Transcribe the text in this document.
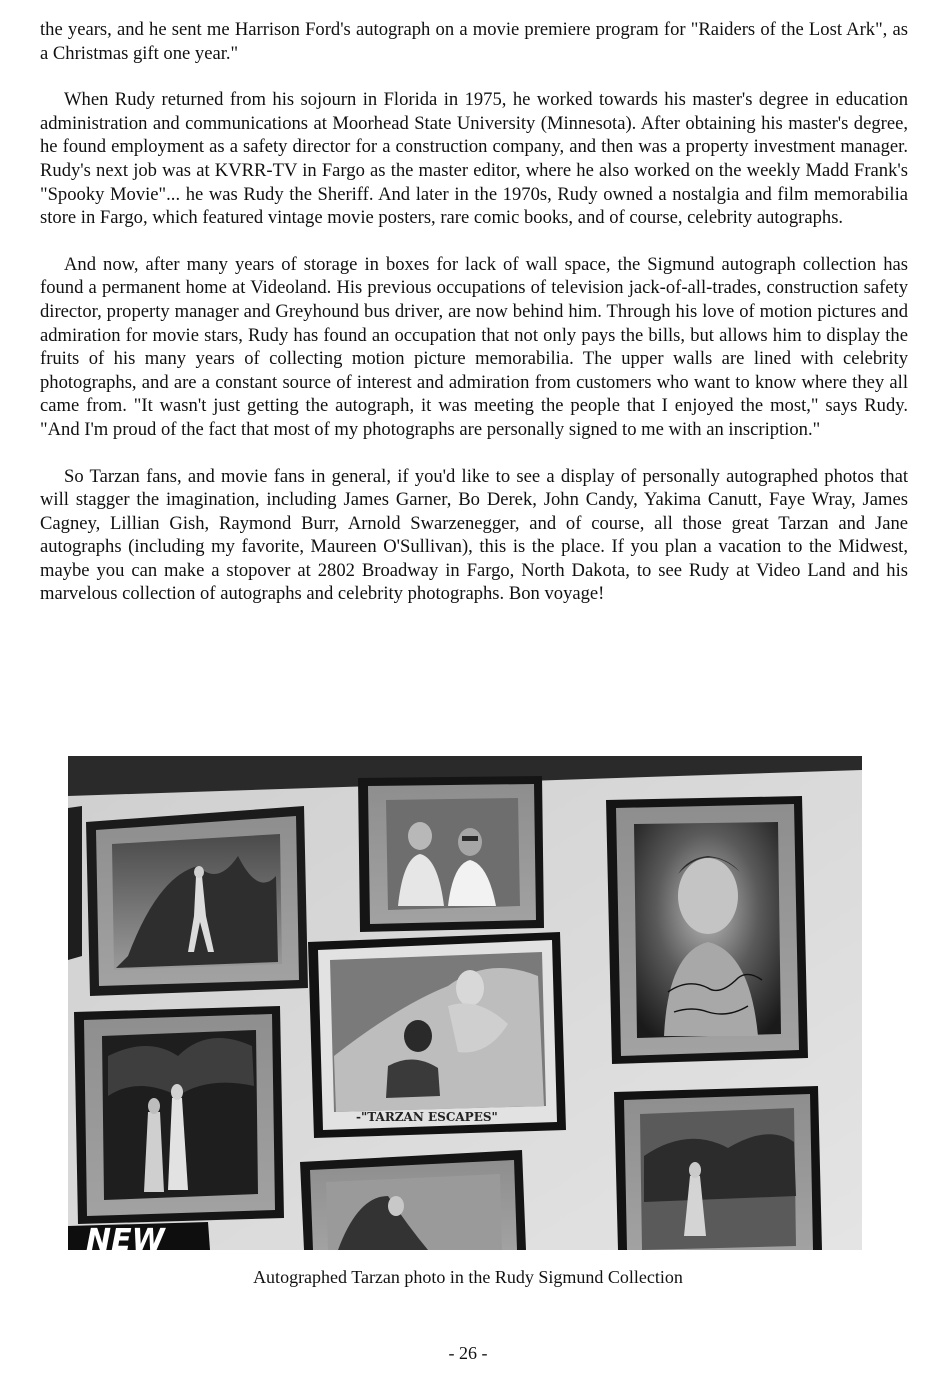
the years, and he sent me Harrison Ford's autograph on a movie premiere program for "Raiders of the Lost Ark", as a Christmas gift one year."

When Rudy returned from his sojourn in Florida in 1975, he worked towards his master's degree in education administration and communications at Moorhead State University (Minnesota). After obtaining his master's degree, he found employment as a safety director for a construction company, and then was a property investment manager. Rudy's next job was at KVRR-TV in Fargo as the master editor, where he also worked on the weekly Madd Frank's "Spooky Movie"... he was Rudy the Sheriff. And later in the 1970s, Rudy owned a nostalgia and film memorabilia store in Fargo, which featured vintage movie posters, rare comic books, and of course, celebrity autographs.

And now, after many years of storage in boxes for lack of wall space, the Sigmund autograph collection has found a permanent home at Videoland. His previous occupations of television jack-of-all-trades, construction safety director, property manager and Greyhound bus driver, are now behind him. Through his love of motion pictures and admiration for movie stars, Rudy has found an occupation that not only pays the bills, but allows him to display the fruits of his many years of collecting motion picture memorabilia. The upper walls are lined with celebrity photographs, and are a constant source of interest and admiration from customers who want to know where they all came from. "It wasn't just getting the autograph, it was meeting the people that I enjoyed the most," says Rudy. "And I'm proud of the fact that most of my photographs are personally signed to me with an inscription."

So Tarzan fans, and movie fans in general, if you'd like to see a display of personally autographed photos that will stagger the imagination, including James Garner, Bo Derek, John Candy, Yakima Canutt, Faye Wray, James Cagney, Lillian Gish, Raymond Burr, Arnold Swarzenegger, and of course, all those great Tarzan and Jane autographs (including my favorite, Maureen O'Sullivan), this is the place. If you plan a vacation to the Midwest, maybe you can make a stopover at 2802 Broadway in Fargo, North Dakota, to see Rudy at Video Land and his marvelous collection of autographs and celebrity photographs. Bon voyage!

-"TARZAN ESCAPES"
NEW
Autographed Tarzan photo in the Rudy Sigmund Collection
- 26 -
